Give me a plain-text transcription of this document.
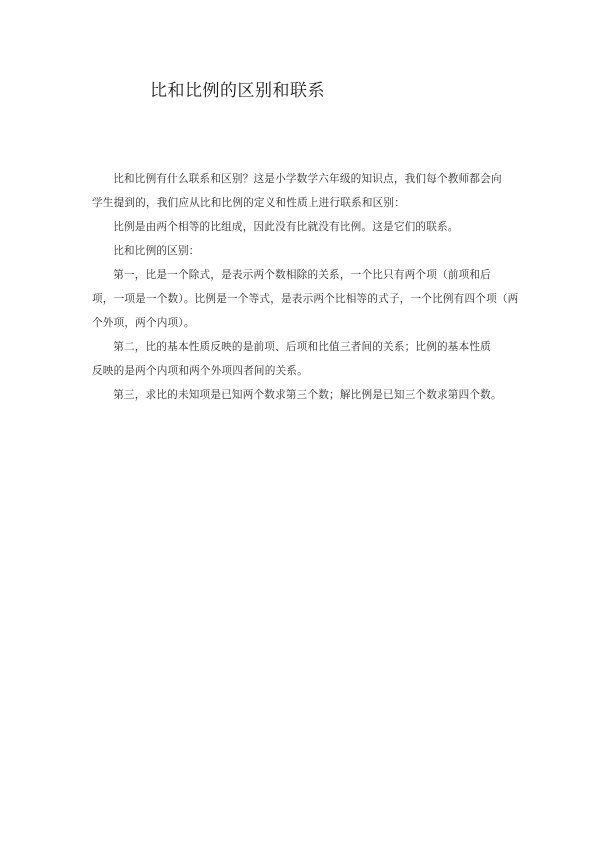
比和比例的区别和联系

比和比例有什么联系和区别？这是小学数学六年级的知识点，我们每个教师都会向
学生提到的，我们应从比和比例的定义和性质上进行联系和区别：

比例是由两个相等的比组成，因此没有比就没有比例。这是它们的联系。

比和比例的区别：

第一，比是一个除式，是表示两个数相除的关系，一个比只有两个项（前项和后
项，一项是一个数）。比例是一个等式，是表示两个比相等的式子，一个比例有四个项（两
个外项，两个内项）。

第二，比的基本性质反映的是前项、后项和比值三者间的关系；比例的基本性质
反映的是两个内项和两个外项四者间的关系。

第三，求比的未知项是已知两个数求第三个数；解比例是已知三个数求第四个数。
